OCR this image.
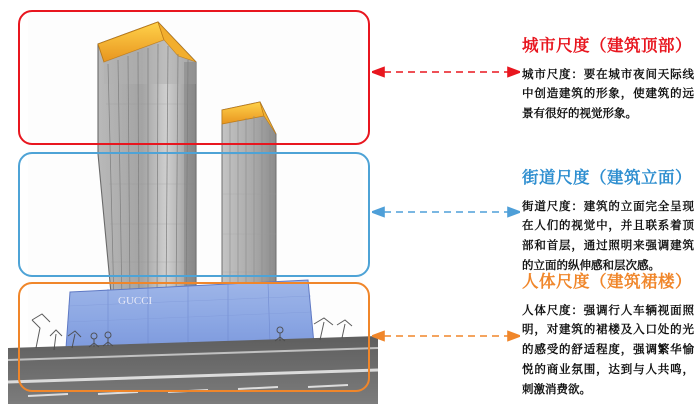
GUCCI
城市尺度（建筑顶部）
城市尺度：要在城市夜间天际线中创造建筑的形象，使建筑的远景有很好的视觉形象。
街道尺度（建筑立面）
街道尺度：建筑的立面完全呈现在人们的视觉中，并且联系着顶部和首层，通过照明来强调建筑的立面的纵伸感和层次感。
人体尺度（建筑裙楼）
人体尺度：强调行人车辆视面照明，对建筑的裙楼及入口处的光的感受的舒适程度，强调繁华愉悦的商业氛围，达到与人共鸣，刺激消费欲。
